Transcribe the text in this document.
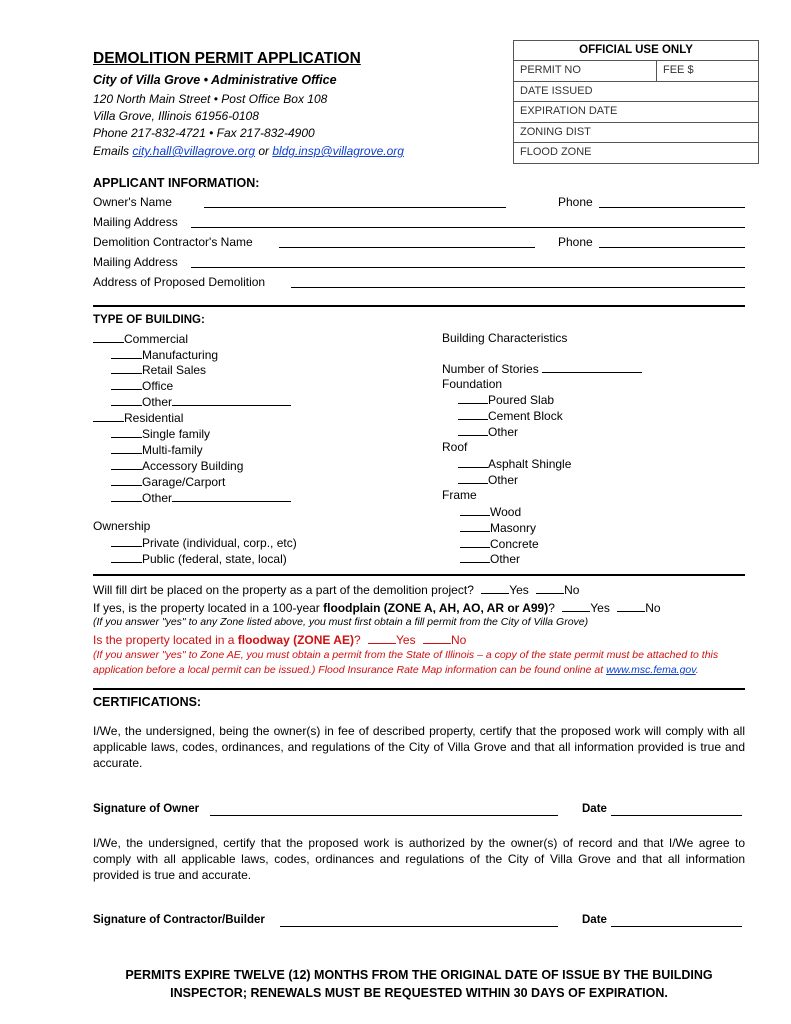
DEMOLITION PERMIT APPLICATION
City of Villa Grove • Administrative Office
120 North Main Street • Post Office Box 108
Villa Grove, Illinois 61956-0108
Phone 217-832-4721 • Fax 217-832-4900
Emails city.hall@villagrove.org or bldg.insp@villagrove.org
OFFICIAL USE ONLY
PERMIT NO	FEE $
DATE ISSUED
EXPIRATION DATE
ZONING DIST
FLOOD ZONE
APPLICANT INFORMATION:
Owner's Name	Phone
Mailing Address
Demolition Contractor's Name	Phone
Mailing Address
Address of Proposed Demolition
TYPE OF BUILDING:
Commercial
Manufacturing
Retail Sales
Office
Other
Residential
Single family
Multi-family
Accessory Building
Garage/Carport
Other
Ownership
Private (individual, corp., etc)
Public (federal, state, local)
Building Characteristics
Number of Stories
Foundation
Poured Slab
Cement Block
Other
Roof
Asphalt Shingle
Other
Frame
Wood
Masonry
Concrete
Other
Will fill dirt be placed on the property as a part of the demolition project?	Yes	No
If yes, is the property located in a 100-year floodplain (ZONE A, AH, AO, AR or A99)?	Yes	No
(If you answer "yes" to any Zone listed above, you must first obtain a fill permit from the City of Villa Grove)
Is the property located in a floodway (ZONE AE)?	Yes	No
(If you answer "yes" to Zone AE, you must obtain a permit from the State of Illinois – a copy of the state permit must be attached to this
application before a local permit can be issued.) Flood Insurance Rate Map information can be found online at www.msc.fema.gov.
CERTIFICATIONS:
I/We, the undersigned, being the owner(s) in fee of described property, certify that the proposed work will comply with all applicable laws, codes, ordinances, and regulations of the City of Villa Grove and that all information provided is true and accurate.
Signature of Owner	Date
I/We, the undersigned, certify that the proposed work is authorized by the owner(s) of record and that I/We agree to comply with all applicable laws, codes, ordinances and regulations of the City of Villa Grove and that all information provided is true and accurate.
Signature of Contractor/Builder	Date
PERMITS EXPIRE TWELVE (12) MONTHS FROM THE ORIGINAL DATE OF ISSUE BY THE BUILDING
INSPECTOR; RENEWALS MUST BE REQUESTED WITHIN 30 DAYS OF EXPIRATION.
